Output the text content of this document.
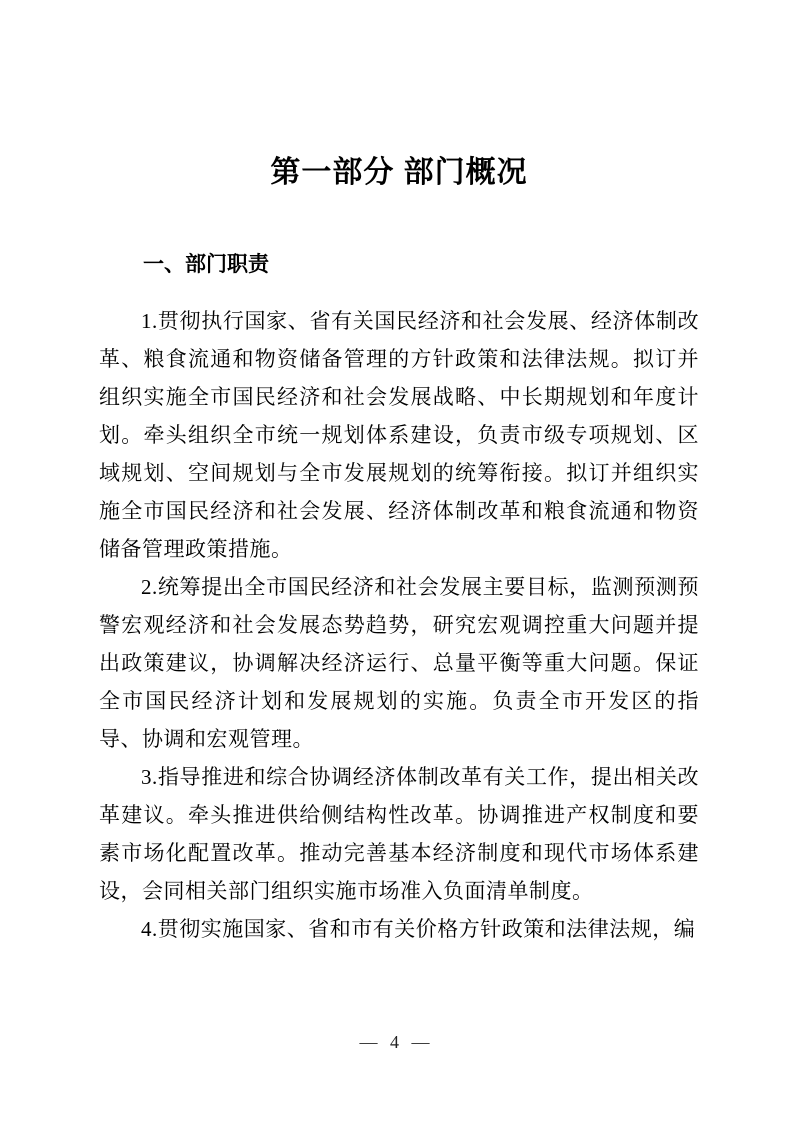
第一部分 部门概况
一、部门职责

1.贯彻执行国家、省有关国民经济和社会发展、经济体制改革、粮食流通和物资储备管理的方针政策和法律法规。拟订并组织实施全市国民经济和社会发展战略、中长期规划和年度计划。牵头组织全市统一规划体系建设，负责市级专项规划、区域规划、空间规划与全市发展规划的统筹衔接。拟订并组织实施全市国民经济和社会发展、经济体制改革和粮食流通和物资储备管理政策措施。

2.统筹提出全市国民经济和社会发展主要目标，监测预测预警宏观经济和社会发展态势趋势，研究宏观调控重大问题并提出政策建议，协调解决经济运行、总量平衡等重大问题。保证全市国民经济计划和发展规划的实施。负责全市开发区的指导、协调和宏观管理。

3.指导推进和综合协调经济体制改革有关工作，提出相关改革建议。牵头推进供给侧结构性改革。协调推进产权制度和要素市场化配置改革。推动完善基本经济制度和现代市场体系建设，会同相关部门组织实施市场准入负面清单制度。

4.贯彻实施国家、省和市有关价格方针政策和法律法规，编

— 4 —
